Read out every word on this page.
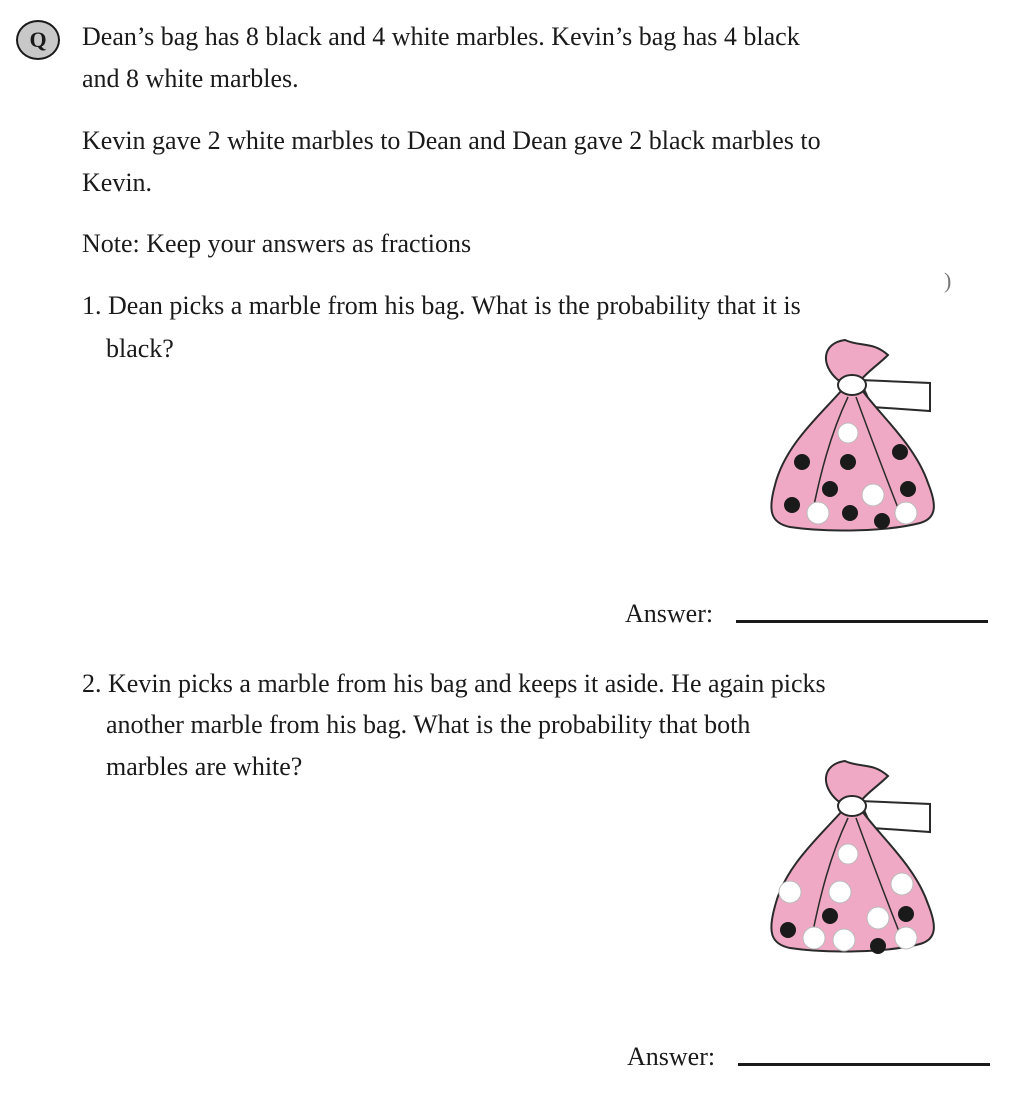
Q	Dean’s bag has 8 black and 4 white marbles. Kevin’s bag has 4 black

and 8 white marbles.

Kevin gave 2 white marbles to Dean and Dean gave 2 black marbles to

Kevin.

Note: Keep your answers as fractions

)

1. Dean picks a marble from his bag. What is the probability that it is

black?

Answer:

2. Kevin picks a marble from his bag and keeps it aside. He again picks

another marble from his bag. What is the probability that both

marbles are white?

Answer:
